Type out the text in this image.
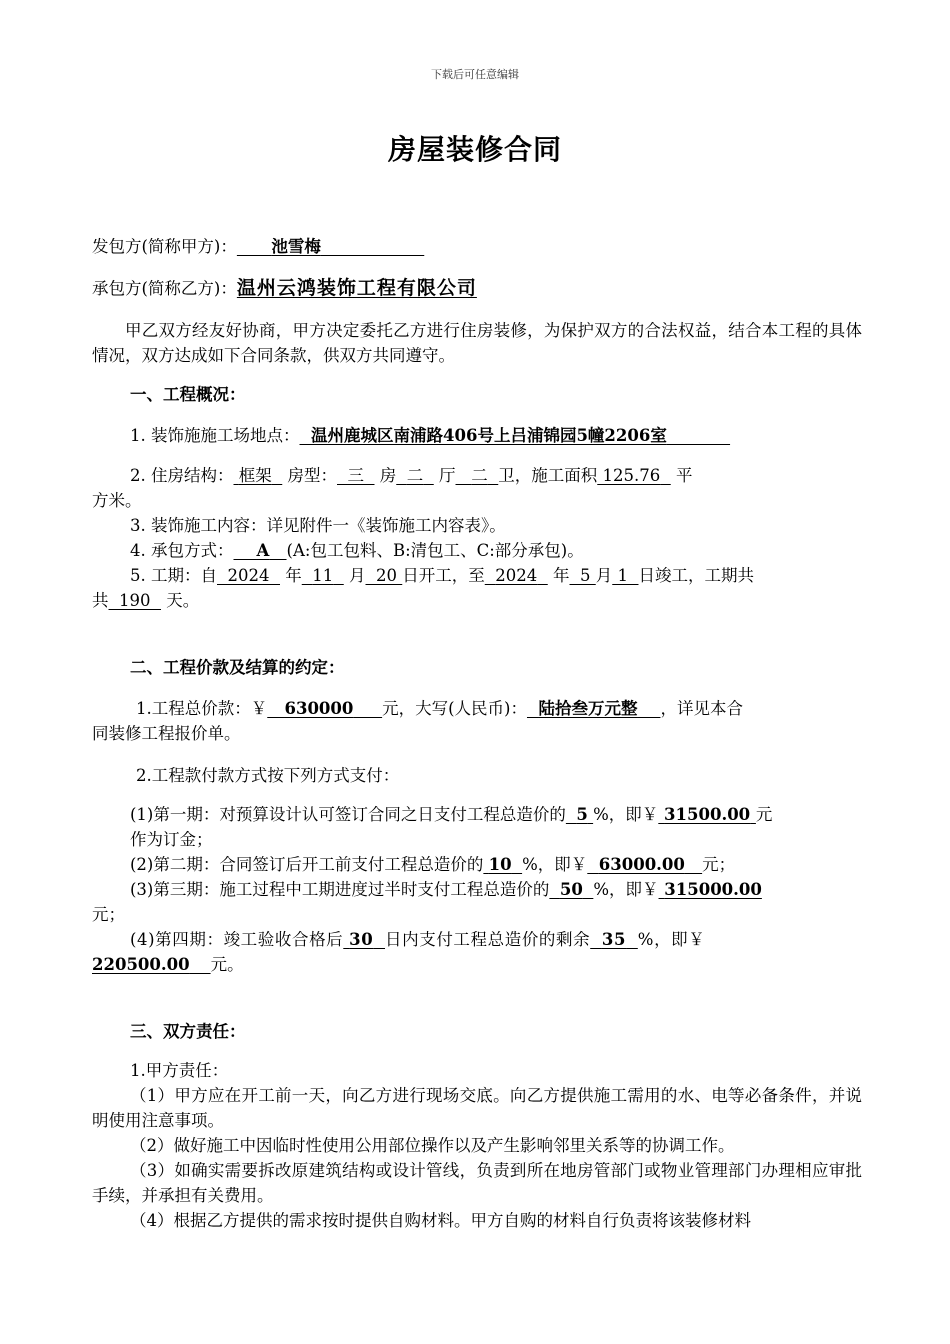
下载后可任意编辑
房屋装修合同
发包方(简称甲方)： 池雪梅
承包方(简称乙方)：温州云鸿装饰工程有限公司
甲乙双方经友好协商，甲方决定委托乙方进行住房装修，为保护双方的合法权益，结合本工程的具体情况，双方达成如下合同条款，供双方共同遵守。
一、工程概况：
1. 装饰施施工场地点： 温州鹿城区南浦路406号上吕浦锦园5幢2206室
2. 住房结构： 框架 房型： 三 房 二 厅 二 卫，施工面积 125.76   平
方米。
3. 装饰施工内容：详见附件一《装饰施工内容表》。
4. 承包方式： A (A:包工包料、B:清包工、C:部分承包)。
5. 工期：自 2024 年 11 月 20 日开工，至 2024 年 5 月 1 日竣工，工期共
共 190 天。
二、工程价款及结算的约定：
1.工程总价款：￥ 630000 元，大写(人民币)： 陆拾叁万元整 ，详见本合
同装修工程报价单。
2.工程款付款方式按下列方式支付：
(1)第一期：对预算设计认可签订合同之日支付工程总造价的 5 %，即￥ 31500.00 元
作为订金；
(2)第二期：合同签订后开工前支付工程总造价的 10 %，即￥ 63000.00 元；
(3)第三期：施工过程中工期进度过半时支付工程总造价的 50 %，即￥ 315000.00
元；
(4)第四期：竣工验收合格后 30 日内支付工程总造价的剩余 35 %，即￥
220500.00 元。
三、双方责任：
1.甲方责任：
（1）甲方应在开工前一天，向乙方进行现场交底。向乙方提供施工需用的水、电等必备条件，并说明使用注意事项。
（2）做好施工中因临时性使用公用部位操作以及产生影响邻里关系等的协调工作。
（3）如确实需要拆改原建筑结构或设计管线，负责到所在地房管部门或物业管理部门办理相应审批手续，并承担有关费用。
（4）根据乙方提供的需求按时提供自购材料。甲方自购的材料自行负责将该装修材料
